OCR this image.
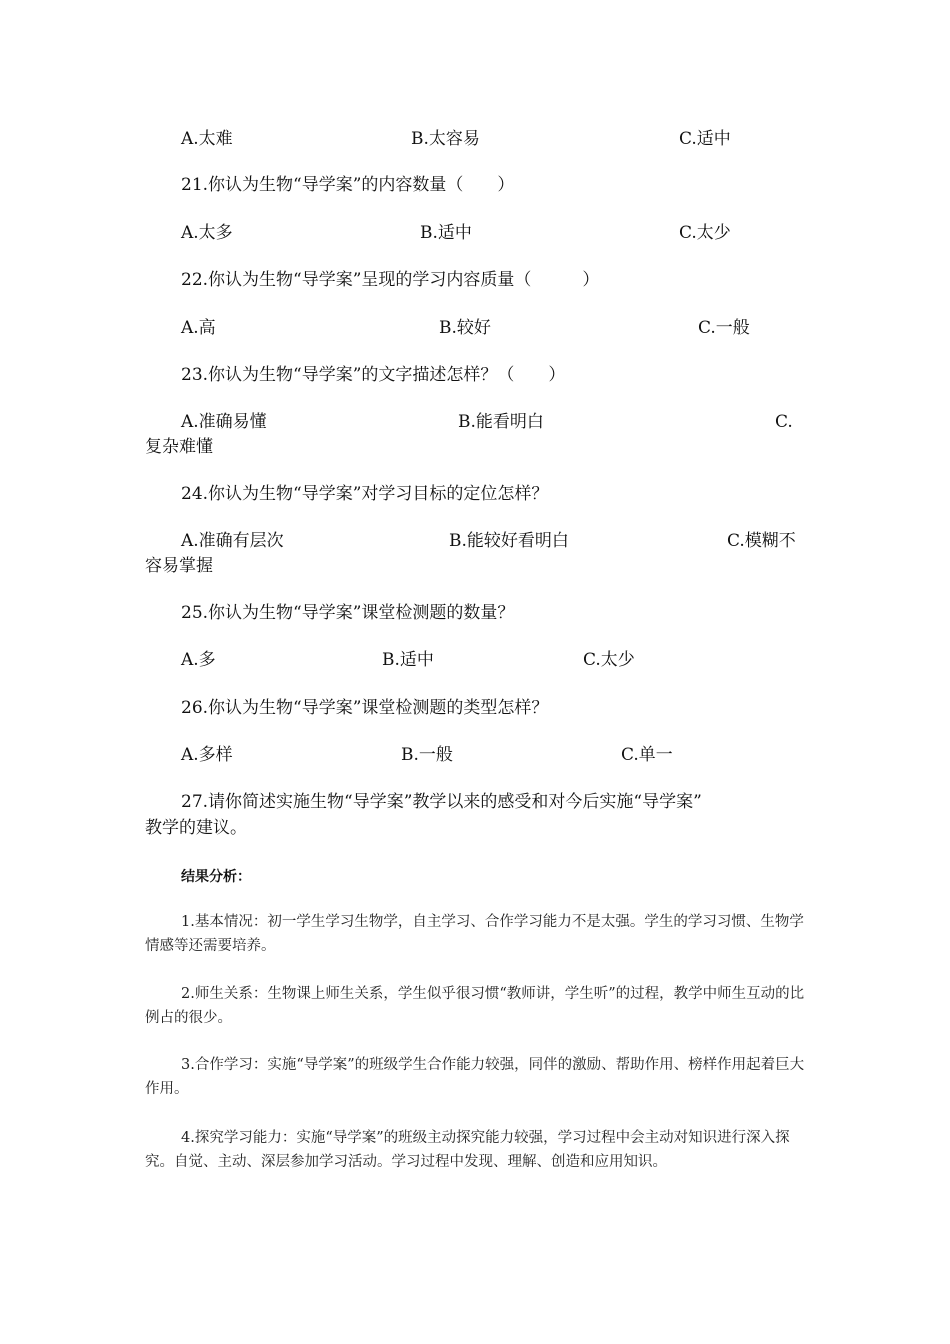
A.太难	B.太容易	C.适中
21.你认为生物“导学案”的内容数量（　　）
A.太多	B.适中	C.太少
22.你认为生物“导学案”呈现的学习内容质量（　　　）
A.高	B.较好	C.一般
23.你认为生物“导学案”的文字描述怎样？（　　）
A.准确易懂	B.能看明白	C.
复杂难懂
24.你认为生物“导学案”对学习目标的定位怎样？
A.准确有层次	B.能较好看明白	C.模糊不
容易掌握
25.你认为生物“导学案”课堂检测题的数量？
A.多	B.适中	C.太少
26.你认为生物“导学案”课堂检测题的类型怎样？
A.多样	B.一般	C.单一
27.请你简述实施生物“导学案”教学以来的感受和对今后实施“导学案”
教学的建议。
结果分析：
1.基本情况：初一学生学习生物学，自主学习、合作学习能力不是太强。学生的学习习惯、生物学情感等还需要培养。
2.师生关系：生物课上师生关系，学生似乎很习惯“教师讲，学生听”的过程，教学中师生互动的比例占的很少。
3.合作学习：实施“导学案”的班级学生合作能力较强，同伴的激励、帮助作用、榜样作用起着巨大作用。
4.探究学习能力：实施“导学案”的班级主动探究能力较强，学习过程中会主动对知识进行深入探究。自觉、主动、深层参加学习活动。学习过程中发现、理解、创造和应用知识。
